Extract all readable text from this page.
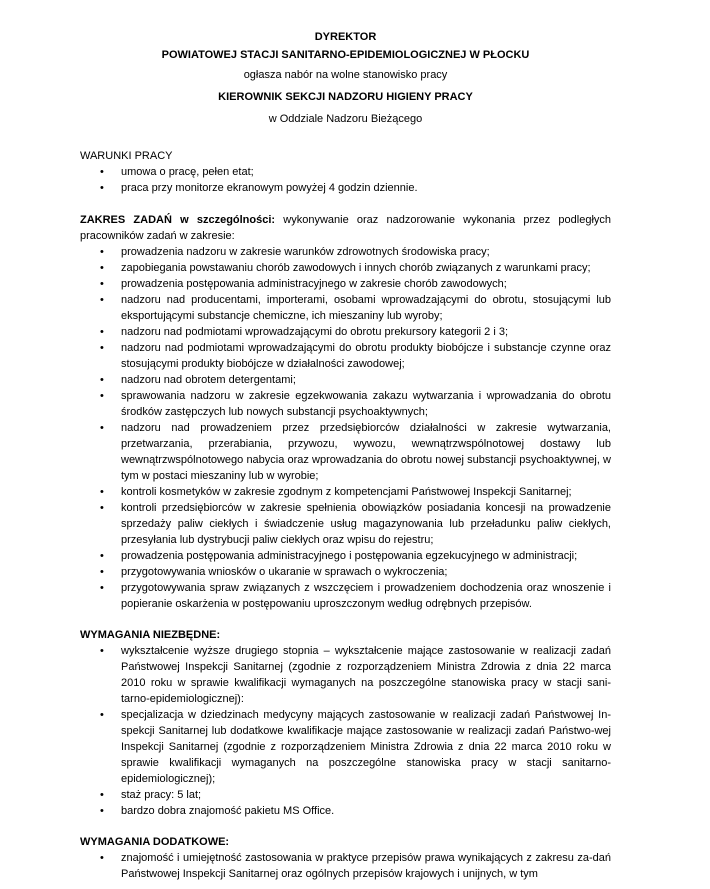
DYREKTOR
POWIATOWEJ STACJI SANITARNO-EPIDEMIOLOGICZNEJ W PŁOCKU
ogłasza nabór na wolne stanowisko pracy
KIEROWNIK SEKCJI NADZORU HIGIENY PRACY
w Oddziale Nadzoru Bieżącego
WARUNKI PRACY
• umowa o pracę, pełen etat;
• praca przy monitorze ekranowym powyżej 4 godzin dziennie.
ZAKRES ZADAŃ w szczególności: wykonywanie oraz nadzorowanie wykonania przez podległych pracowników zadań w zakresie:
• prowadzenia nadzoru w zakresie warunków zdrowotnych środowiska pracy;
• zapobiegania powstawaniu chorób zawodowych i innych chorób związanych z warunkami pracy;
• prowadzenia postępowania administracyjnego w zakresie chorób zawodowych;
• nadzoru nad producentami, importerami, osobami wprowadzającymi do obrotu, stosującymi lub eksportującymi substancje chemiczne, ich mieszaniny lub wyroby;
• nadzoru nad podmiotami wprowadzającymi do obrotu prekursory kategorii 2 i 3;
• nadzoru nad podmiotami wprowadzającymi do obrotu produkty biobójcze i substancje czynne oraz stosującymi produkty biobójcze w działalności zawodowej;
• nadzoru nad obrotem detergentami;
• sprawowania nadzoru w zakresie egzekwowania zakazu wytwarzania i wprowadzania do obrotu środków zastępczych lub nowych substancji psychoaktywnych;
• nadzoru nad prowadzeniem przez przedsiębiorców działalności w zakresie wytwarzania, przetwarzania, przerabiania, przywozu, wywozu, wewnątrzwspólnotowej dostawy lub wewnątrzwspólnotowego nabycia oraz wprowadzania do obrotu nowej substancji psychoaktywnej, w tym w postaci mieszaniny lub w wyrobie;
• kontroli kosmetyków w zakresie zgodnym z kompetencjami Państwowej Inspekcji Sanitarnej;
• kontroli przedsiębiorców w zakresie spełnienia obowiązków posiadania koncesji na prowadzenie sprzedaży paliw ciekłych i świadczenie usług magazynowania lub przeładunku paliw ciekłych, przesyłania lub dystrybucji paliw ciekłych oraz wpisu do rejestru;
• prowadzenia postępowania administracyjnego i postępowania egzekucyjnego w administracji;
• przygotowywania wniosków o ukaranie w sprawach o wykroczenia;
• przygotowywania spraw związanych z wszczęciem i prowadzeniem dochodzenia oraz wnoszenie i popieranie oskarżenia w postępowaniu uproszczonym według odrębnych przepisów.
WYMAGANIA NIEZBĘDNE:
• wykształcenie wyższe drugiego stopnia – wykształcenie mające zastosowanie w realizacji zadań Państwowej Inspekcji Sanitarnej (zgodnie z rozporządzeniem Ministra Zdrowia z dnia 22 marca 2010 roku w sprawie kwalifikacji wymaganych na poszczególne stanowiska pracy w stacji sani-tarno-epidemiologicznej):
• specjalizacja w dziedzinach medycyny mających zastosowanie w realizacji zadań Państwowej In-spekcji Sanitarnej lub dodatkowe kwalifikacje mające zastosowanie w realizacji zadań Państwo-wej Inspekcji Sanitarnej (zgodnie z rozporządzeniem Ministra Zdrowia z dnia 22 marca 2010 roku w sprawie kwalifikacji wymaganych na poszczególne stanowiska pracy w stacji sanitarno-epidemiologicznej);
• staż pracy: 5 lat;
• bardzo dobra znajomość pakietu MS Office.
WYMAGANIA DODATKOWE:
• znajomość i umiejętność zastosowania w praktyce przepisów prawa wynikających z zakresu za-dań Państwowej Inspekcji Sanitarnej oraz ogólnych przepisów krajowych i unijnych, w tym
